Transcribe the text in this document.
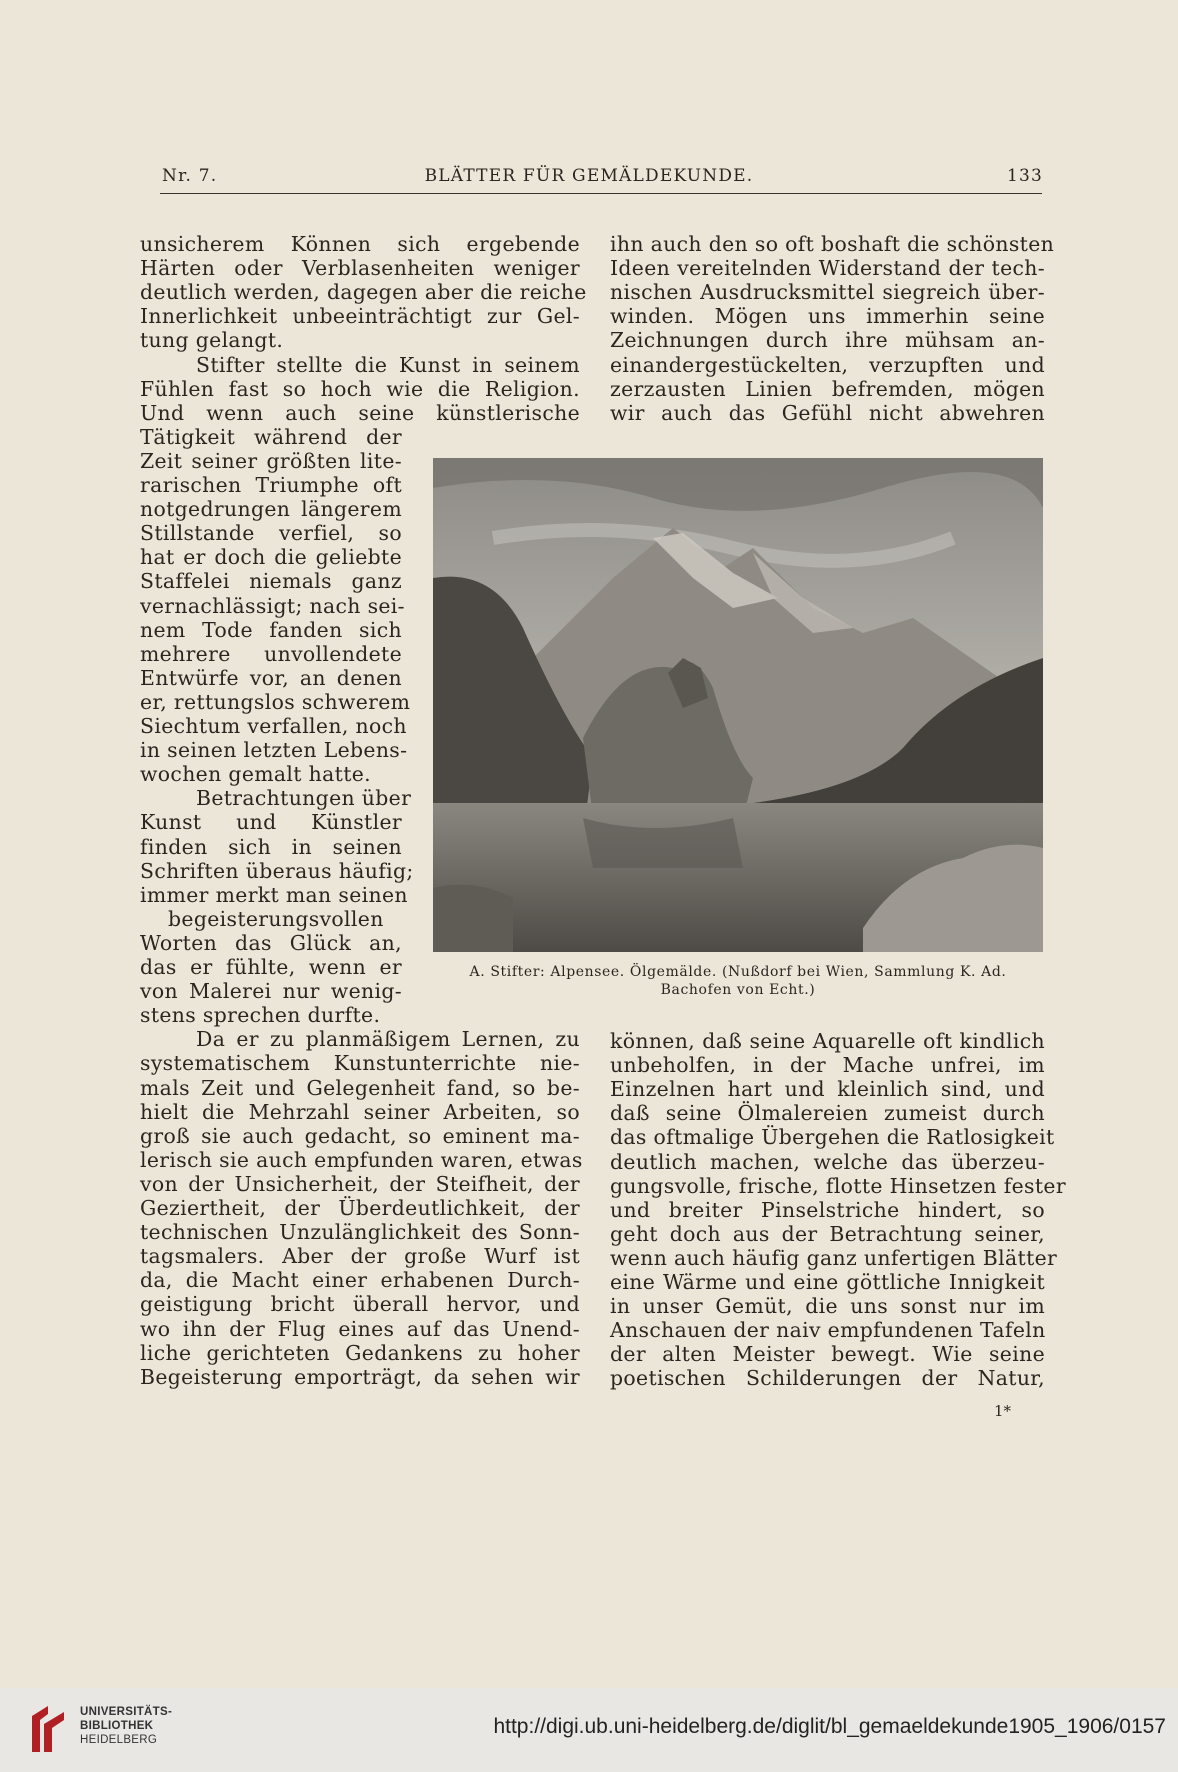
Nr. 7.	BLÄTTER FÜR GEMÄLDEKUNDE.	133
unsicherem Können sich ergebende
Härten oder Verblasenheiten weniger
deutlich werden, dagegen aber die reiche
Innerlichkeit unbeeinträchtigt zur Gel-
tung gelangt.
Stifter stellte die Kunst in seinem
Fühlen fast so hoch wie die Religion.
Und wenn auch seine künstlerische
Tätigkeit während der
Zeit seiner größten lite-
rarischen Triumphe oft
notgedrungen längerem
Stillstande verfiel, so
hat er doch die geliebte
Staffelei niemals ganz
vernachlässigt; nach sei-
nem Tode fanden sich
mehrere unvollendete
Entwürfe vor, an denen
er, rettungslos schwerem
Siechtum verfallen, noch
in seinen letzten Lebens-
wochen gemalt hatte.
Betrachtungen über
Kunst und Künstler
finden sich in seinen
Schriften überaus häufig;
immer merkt man seinen
begeisterungsvollen
Worten das Glück an,
das er fühlte, wenn er
von Malerei nur wenig-
stens sprechen durfte.
Da er zu planmäßigem Lernen, zu
systematischem Kunstunterrichte nie-
mals Zeit und Gelegenheit fand, so be-
hielt die Mehrzahl seiner Arbeiten, so
groß sie auch gedacht, so eminent ma-
lerisch sie auch empfunden waren, etwas
von der Unsicherheit, der Steifheit, der
Geziertheit, der Überdeutlichkeit, der
technischen Unzulänglichkeit des Sonn-
tagsmalers. Aber der große Wurf ist
da, die Macht einer erhabenen Durch-
geistigung bricht überall hervor, und
wo ihn der Flug eines auf das Unend-
liche gerichteten Gedankens zu hoher
Begeisterung emporträgt, da sehen wir
ihn auch den so oft boshaft die schönsten
Ideen vereitelnden Widerstand der tech-
nischen Ausdrucksmittel siegreich über-
winden. Mögen uns immerhin seine
Zeichnungen durch ihre mühsam an-
einandergestückelten, verzupften und
zerzausten Linien befremden, mögen
wir auch das Gefühl nicht abwehren
A. Stifter: Alpensee. Ölgemälde. (Nußdorf bei Wien, Sammlung K. Ad.
Bachofen von Echt.)
können, daß seine Aquarelle oft kindlich
unbeholfen, in der Mache unfrei, im
Einzelnen hart und kleinlich sind, und
daß seine Ölmalereien zumeist durch
das oftmalige Übergehen die Ratlosigkeit
deutlich machen, welche das überzeu-
gungsvolle, frische, flotte Hinsetzen fester
und breiter Pinselstriche hindert, so
geht doch aus der Betrachtung seiner,
wenn auch häufig ganz unfertigen Blätter
eine Wärme und eine göttliche Innigkeit
in unser Gemüt, die uns sonst nur im
Anschauen der naiv empfundenen Tafeln
der alten Meister bewegt. Wie seine
poetischen Schilderungen der Natur,
1*
UNIVERSITÄTS-
BIBLIOTHEK
HEIDELBERG
http://digi.ub.uni-heidelberg.de/diglit/bl_gemaeldekunde1905_1906/0157
